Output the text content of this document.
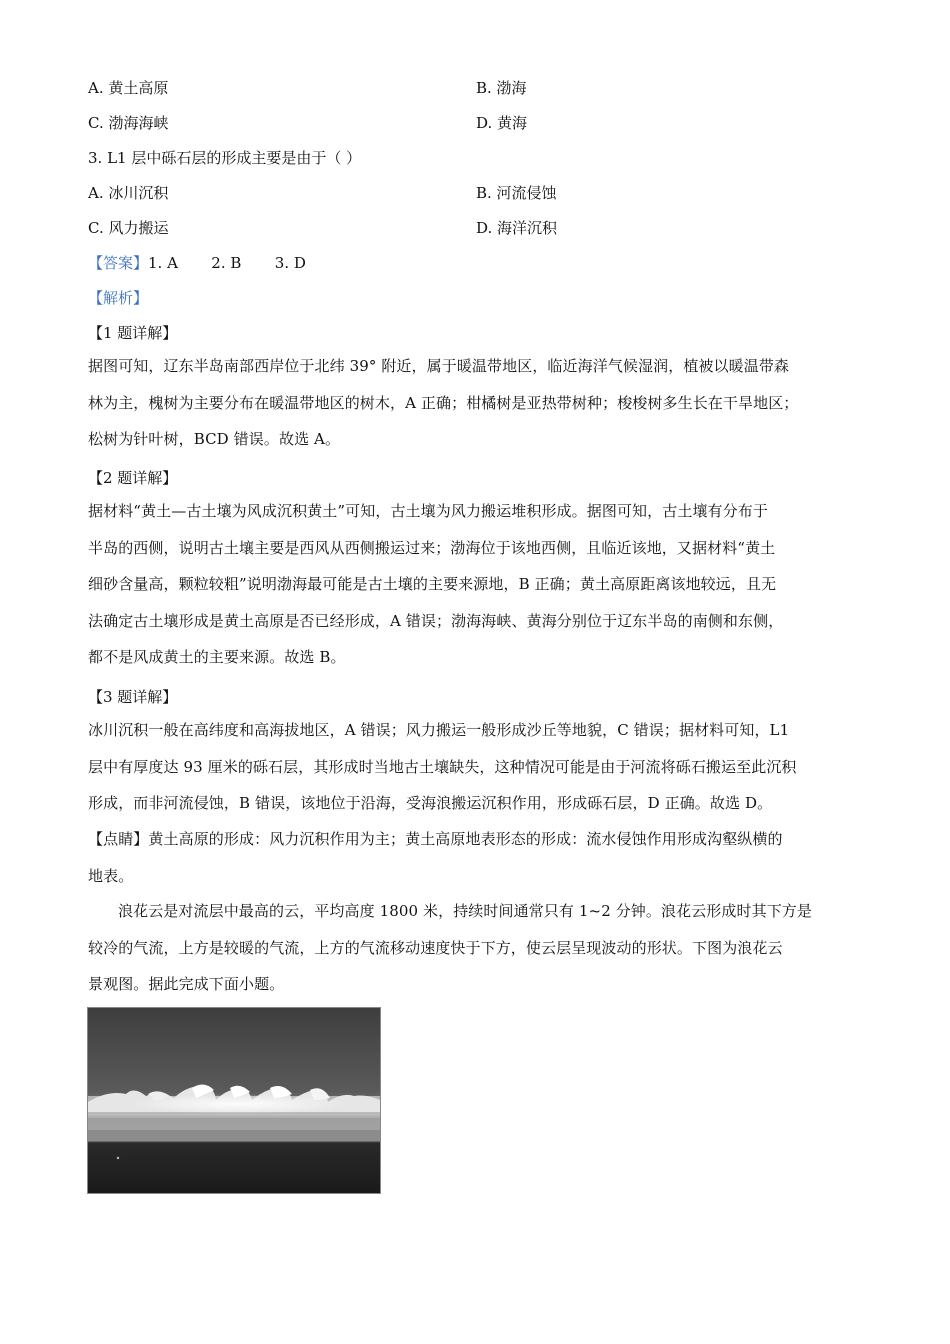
A. 黄土高原	B. 渤海
C. 渤海海峡	D. 黄海
3. L1 层中砾石层的形成主要是由于（ ）
A. 冰川沉积	B. 河流侵蚀
C. 风力搬运	D. 海洋沉积
【答案】1. A       2. B       3. D
【解析】
【1 题详解】
据图可知，辽东半岛南部西岸位于北纬 39° 附近，属于暖温带地区，临近海洋气候湿润，植被以暖温带森
林为主，槐树为主要分布在暖温带地区的树木，A 正确；柑橘树是亚热带树种；梭梭树多生长在干旱地区；
松树为针叶树，BCD 错误。故选 A。
【2 题详解】
据材料“黄土—古土壤为风成沉积黄土”可知，古土壤为风力搬运堆积形成。据图可知，古土壤有分布于
半岛的西侧，说明古土壤主要是西风从西侧搬运过来；渤海位于该地西侧，且临近该地，又据材料“黄土
细砂含量高，颗粒较粗”说明渤海最可能是古土壤的主要来源地，B 正确；黄土高原距离该地较远，且无
法确定古土壤形成是黄土高原是否已经形成，A 错误；渤海海峡、黄海分别位于辽东半岛的南侧和东侧，
都不是风成黄土的主要来源。故选 B。
【3 题详解】
冰川沉积一般在高纬度和高海拔地区，A 错误；风力搬运一般形成沙丘等地貌，C 错误；据材料可知，L1
层中有厚度达 93 厘米的砾石层，其形成时当地古土壤缺失，这种情况可能是由于河流将砾石搬运至此沉积
形成，而非河流侵蚀，B 错误，该地位于沿海，受海浪搬运沉积作用，形成砾石层，D 正确。故选 D。
【点睛】黄土高原的形成：风力沉积作用为主；黄土高原地表形态的形成：流水侵蚀作用形成沟壑纵横的
地表。
浪花云是对流层中最高的云，平均高度 1800 米，持续时间通常只有 1~2 分钟。浪花云形成时其下方是
较冷的气流，上方是较暖的气流，上方的气流移动速度快于下方，使云层呈现波动的形状。下图为浪花云
景观图。据此完成下面小题。
